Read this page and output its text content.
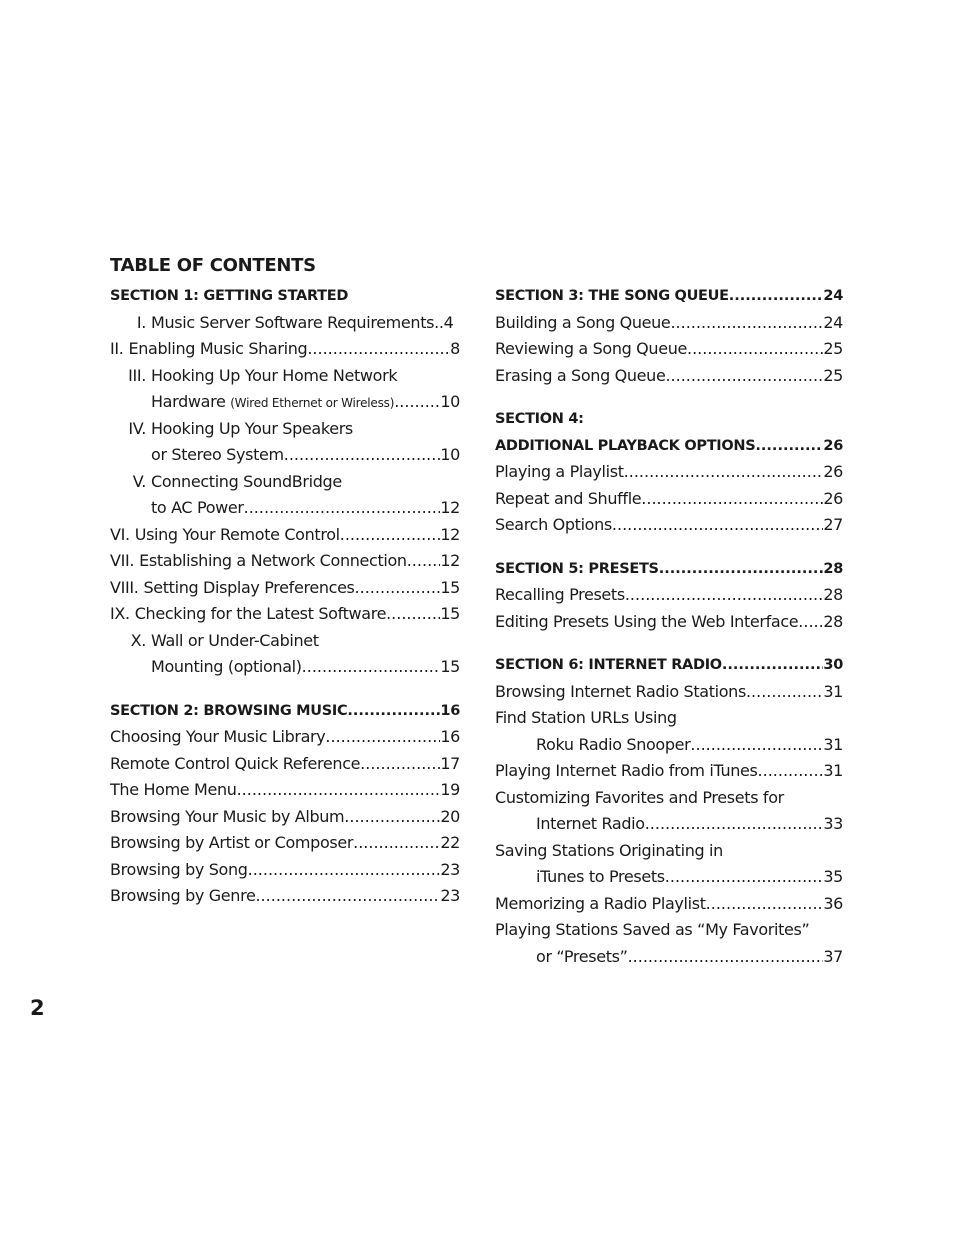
TABLE OF CONTENTS
SECTION 1: GETTING STARTED
I. Music Server Software Requirements.. 4
II. Enabling Music Sharing .....	8
III. Hooking Up Your Home Network
Hardware
(Wired Ethernet or Wireless) .....	10
IV. Hooking Up Your Speakers
or Stereo System .....	10
V. Connecting SoundBridge
to AC Power .....	12
VI. Using Your Remote Control .....	12
VII. Establishing a Network Connection ..... 12
VIII. Setting Display Preferences .....	15
IX. Checking for the Latest Software .....	15
X. Wall or Under-Cabinet
Mounting (optional) .....	15
SECTION 2: BROWSING MUSIC .....	16
Choosing Your Music Library .....	16
Remote Control Quick Reference .....	17
The Home Menu .....	19
Browsing Your Music by Album .....	20
Browsing by Artist or Composer .....	22
Browsing by Song .....	23
Browsing by Genre .....	23
SECTION 3: THE SONG QUEUE .....	24
Building a Song Queue .....	24
Reviewing a Song Queue .....	25
Erasing a Song Queue .....	25
SECTION 4:
ADDITIONAL PLAYBACK OPTIONS .....	26
Playing a Playlist .....	26
Repeat and Shuffle .....	26
Search Options .....	27
SECTION 5: PRESETS .....	28
Recalling Presets .....	28
Editing Presets Using the Web Interface ..... 28
SECTION 6: INTERNET RADIO .....	30
Browsing Internet Radio Stations .....	31
Find Station URLs Using
Roku Radio Snooper .....	31
Playing Internet Radio from iTunes .....	31
Customizing Favorites and Presets for
Internet Radio .....	33
Saving Stations Originating in
iTunes to Presets .....	35
Memorizing a Radio Playlist .....	36
Playing Stations Saved as “My Favorites”
or “Presets” .....	37

2
